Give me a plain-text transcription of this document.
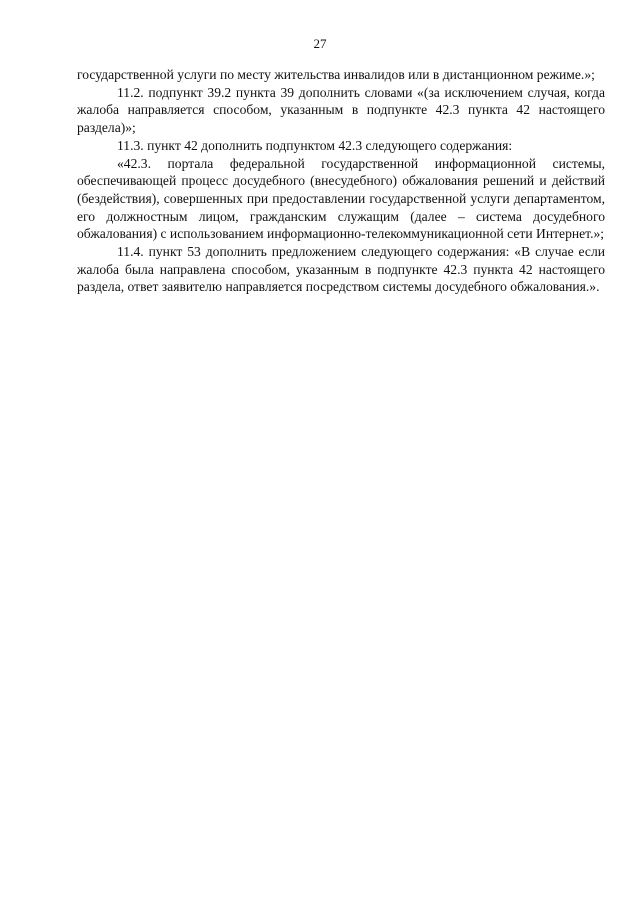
27

государственной услуги по месту жительства инвалидов или в дистанционном режиме.»;

11.2. подпункт 39.2 пункта 39 дополнить словами «(за исключением случая, когда жалоба направляется способом, указанным в подпункте 42.3 пункта 42 настоящего раздела)»;

11.3. пункт 42 дополнить подпунктом 42.3 следующего содержания:

«42.3. портала федеральной государственной информационной системы, обеспечивающей процесс досудебного (внесудебного) обжалования решений и действий (бездействия), совершенных при предоставлении государственной услуги департаментом, его должностным лицом, гражданским служащим (далее – система досудебного обжалования) с использованием информационно-телекоммуникационной сети Интернет.»;

11.4. пункт 53 дополнить предложением следующего содержания: «В случае если жалоба была направлена способом, указанным в подпункте 42.3 пункта 42 настоящего раздела, ответ заявителю направляется посредством системы досудебного обжалования.».
